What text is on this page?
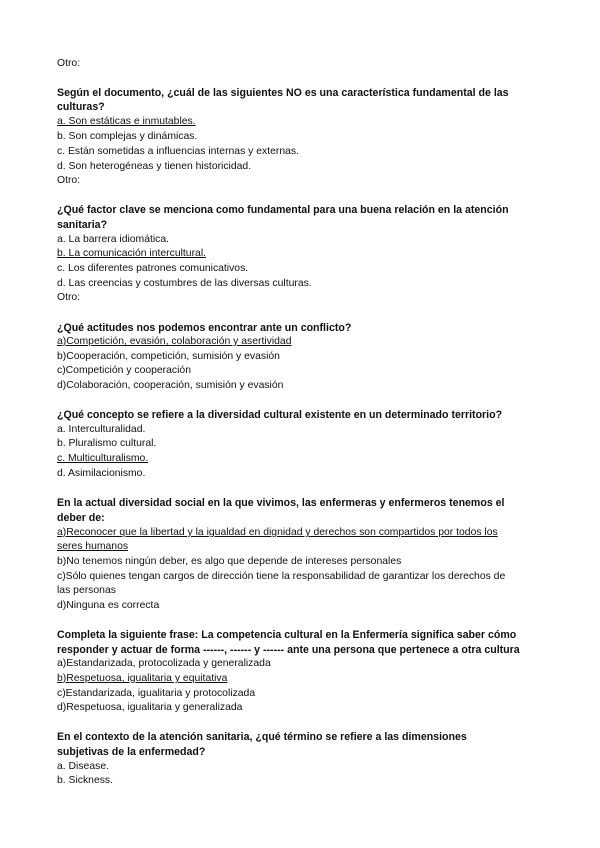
Otro:
Según el documento, ¿cuál de las siguientes NO es una característica fundamental de las
culturas?
a. Son estáticas e inmutables.
b. Son complejas y dinámicas.
c. Están sometidas a influencias internas y externas.
d. Son heterogéneas y tienen historicidad.
Otro:
¿Qué factor clave se menciona como fundamental para una buena relación en la atención
sanitaria?
a. La barrera idiomática.
b. La comunicación intercultural.
c. Los diferentes patrones comunicativos.
d. Las creencias y costumbres de las diversas culturas.
Otro:
¿Qué actitudes nos podemos encontrar ante un conflicto?
a)Competición, evasión, colaboración y asertividad
b)Cooperación, competición, sumisión y evasión
c)Competición y cooperación
d)Colaboración, cooperación, sumisión y evasión
¿Qué concepto se refiere a la diversidad cultural existente en un determinado territorio?
a. Interculturalidad.
b. Pluralismo cultural.
c. Multiculturalismo.
d. Asimilacionismo.
En la actual diversidad social en la que vivimos, las enfermeras y enfermeros tenemos el
deber de:
a)Reconocer que la libertad y la igualdad en dignidad y derechos son compartidos por todos los
seres humanos
b)No tenemos ningún deber, es algo que depende de intereses personales
c)Sólo quienes tengan cargos de dirección tiene la responsabilidad de garantizar los derechos de
las personas
d)Ninguna es correcta
Completa la siguiente frase: La competencia cultural en la Enfermería significa saber cómo
responder y actuar de forma ------, ------ y ------ ante una persona que pertenece a otra cultura
a)Estandarizada, protocolizada y generalizada
b)Respetuosa, igualitaria y equitativa
c)Estandarizada, igualitaria y protocolizada
d)Respetuosa, igualitaria y generalizada
En el contexto de la atención sanitaria, ¿qué término se refiere a las dimensiones
subjetivas de la enfermedad?
a. Disease.
b. Sickness.
